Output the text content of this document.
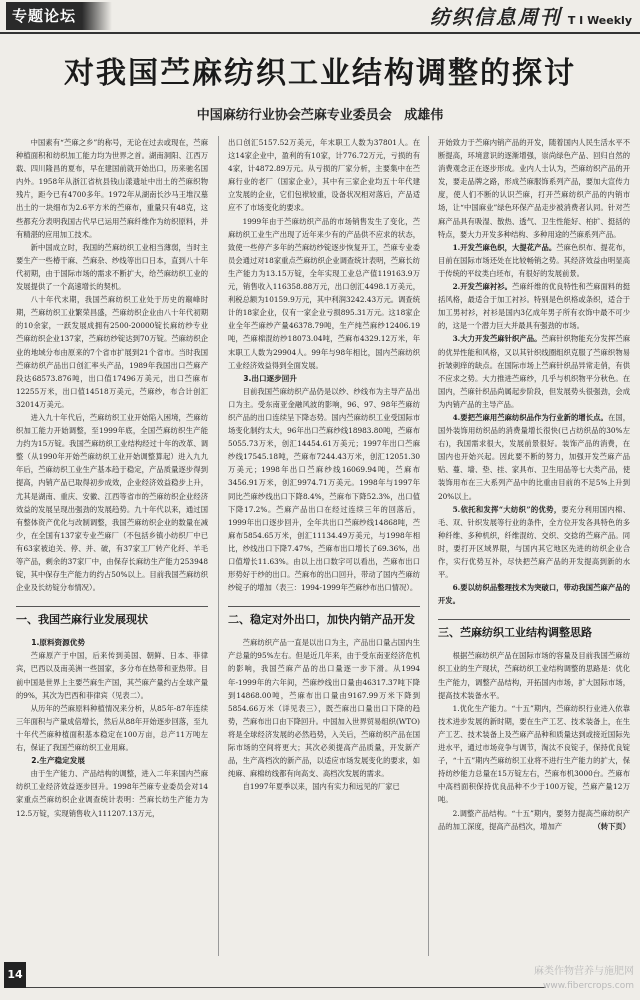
专题论坛	纺织信息周刊 T I Weekly
对我国苎麻纺织工业结构调整的探讨
中国麻纺行业协会苎麻专业委员会 成雄伟

中国素有“苎麻之乡”的称号，无论在过去或现在，苎麻种植面积和纺织加工能力均为世界之首。湖南洞阳、江西万载、四川隆昌的夏布，早在建国前就开始出口，历来驰名国内外。1958年从浙江省杭县钱山漾遗址中出土的苎麻织物残片，距今已有4700多年。1972年从湖南长沙马王堆汉墓出土的一块细布为2.6平方米的苎麻布，重量只有48克，这些都充分表明我国古代早已运用苎麻纤维作为纺织原料，并有精湛的应用加工技术。

新中国成立时，我国的苎麻纺织工业相当薄弱，当时主要生产一些椿干麻、苎麻杂、纱线等出口日本，直到八十年代初期，由于国际市场的需求不断扩大，给苎麻纺织工业的发展提供了一个高速增长的契机。

八十年代末期，我国苎麻纺织工业处于历史的巅峰时期，苎麻纺织工业繁荣昌盛，苎麻纺织企业由八十年代初期的10余家，一跃发展成拥有2500-20000锭长麻纺纱专业苎麻纺织企业137家，苎麻纺纱锭达到70万锭。苎麻纺织企业的地域分布由原来的7个省市扩展到21个省市。当时我国苎麻纺织产品出口创汇率头产品，1989年我国出口苎麻产段达68573.876吨，出口值17496万美元，出口苎麻布12255万米，出口值14518万美元，苎麻纱，布合计创汇32014万美元。

进入九十年代后，苎麻纺织工业开始陷入困境，苎麻纺织加工能力开始调整，至1999年底，全国苎麻纺织生产能力约为15万锭。我国苎麻纺织工业结构经过十年的改革、调整（从1990年开始苎麻纺织工业开始调整算起）进入九九年后，苎麻纺织工业生产基本趋于稳定，产品质量逐步得到提高，内销产品已取得初步成效，企业经济效益稳步上升，尤其是湖南、重庆、安徽、江西等省市的苎麻纺织企业经济效益的发展呈现出强劲的发展趋势。九十年代以来，通过国有整体资产优化与改制调整，我国苎麻纺织企业的数量在减少，在全国有137家专业苎麻厂（不包括乡镇小纺织厂中已有63家被迫关、停、并、破，有37家工厂转产化纤、羊毛等产品，剩余的37家厂中，由保存长麻纺生产能力253948锭，其中保存生产能力的约占50%以上。目前我国苎麻纺织企业及长纺锭分布情况）。

一、我国苎麻行业发展现状
1.原料资源优势

苎麻原产于中国，后来传到美国、朝鲜、日本、菲律宾，巴西以及南美洲一些国家，多分布在热带和亚热带。目前中国是世界上主要苎麻生产国，其苎麻产量约占全球产量的9%，其次为巴西和菲律宾（见表二）。

从历年的苎麻原料种植情况来分析，从85年-87年连续三年面积与产量成倍增长，然后从88年开始逐步回落，至九十年代苎麻种植面积基本稳定在100万亩，总产11万吨左右，保证了我国苎麻纺织工业用麻。

2.生产稳定发展

由于生产能力、产品结构的调整，进入二年来国内苎麻纺织工业经济效益逐步回升。1998年苎麻专业委员会对14家重点苎麻纺织企业调查统计表明：苎麻长纺生产能力为12.5万锭，实现销售收入111207.13万元，

出口创汇5157.52万美元，年末职工人数为37801人。在这14家企业中，盈利的有10家，计776.72万元，亏损的有4家，计4872.89万元。从亏损的厂家分析，主要集中在苎麻行业的老厂（国家企业），其中有三家企业均五十年代建立发展的企业，它们包袱较重，设备状况相对落后，产品适应不了市场变化的要求。

1999年由于苎麻纺织产品的市场销售发生了变化，苎麻纺织工业生产出现了近年来少有的产品供不应求的状态，致使一些停产多年的苎麻纺纱锭逐步恢复开工，苎麻专业委员会通过对18家重点苎麻纺织企业调查统计表明，苎麻长纺生产能力为13.15万锭，全年实现工业总产值119163.9万元，销售收入116358.88万元，出口创汇4498.1万美元，利税总额为10159.9万元，其中利润3242.43万元。调查统计的18家企业，仅有一家企业亏损895.31万元。这18家企业全年苎麻纱产量46378.79吨，生产纯苎麻纱12406.19吨，苎麻棉混纺纱18073.04吨，苎麻布4329.12万米，年末职工人数为29904人。99年与98年相比，国内苎麻纺织工业经济效益得到全面发展。

3.出口逐步回升

目前我国苎麻纺织产品仍是以纱、纱线布为主导产品出口为主。受东南亚金融风波的影响，96、97、98年苎麻纺织产品的出口连续呈下降态势。国内苎麻纺织工业受国际市场变化制约太大，96年出口苎麻纱线18983.80吨，苎麻布5055.73万米，创汇14454.61万美元；1997年出口苎麻纱线17545.18吨，苎麻布7244.43万米，创汇12051.30万美元；1998年出口苎麻纱线16069.94吨，苎麻布3456.91万米，创汇9974.71万美元。1998年与1997年同比苎麻纱线出口下降8.4%，苎麻布下降52.3%，出口值下降17.2%。苎麻产品出口在经过连续三年的回落后，1999年出口逐步回升，全年共出口苎麻纱线14868吨，苎麻布5854.65万米，创汇11134.49万美元，与1998年相比，纱线出口下降7.47%，苎麻布出口增长了69.36%，出口值增长11.63%。由以上出口数字可以看出，苎麻布出口形势好于纱的出口。苎麻布的出口回升，带动了国内苎麻纺纱锭子的增加（表三：1994-1999年苎麻纱布出口情况）。

二、稳定对外出口，加快内销产品开发

苎麻纺织产品一直是以出口为主，产品出口量占国内生产总量的95%左右。但是近几年来，由于受东南亚经济危机的影响，我国苎麻产品的出口量逐一步下滑。从1994年-1999年的六年间，苎麻纱线出口量由46317.37吨下降到14868.00吨，苎麻布出口量由9167.99万米下降到5854.66万米（详见表三），既苎麻出口量出口下降的趋势，苎麻布出口由下降回升。中国加入世界贸易组织(WTO)将是全球经济发展的必然趋势，入关后，苎麻纺织产品在国际市场的空间将更大；其次必须提高产品质量，开发新产品，生产高档次的新产品，以适应市场发展变化的要求，如纯麻、麻棉纺线都有向高支、高档次发展的需求。

自1997年夏季以来，国内有实力和远见的厂家已

开始致力于苎麻内销产品的开发，随着国内人民生活水平不断提高，环境意识的逐渐增强，崇尚绿色产品、回归自然的消费观念正在逐步形成。业内人士认为，苎麻纺织产品的开发，要走品牌之路，形成苎麻服饰系列产品，要加大宣传力度，使人们不断的认识苎麻，打开苎麻纺织产品的内销市场，让“中国麻业”绿色环保产品走步被消费者认同。针对苎麻产品具有吸湿、散热、透气、卫生性能好、柏扩、挺括的特点，要大力开发多种结构、多种用途的苎麻系列产品。

1.开发苎麻色织，大提花产品。苎麻色织布、提花布，目前在国际市场还处在比较畅销之势。其经济效益由明显高于传统的平纹类白坯布，有很好的发展前景。

2.开发苎麻衬衫。苎麻纤维的优良特性和苎麻面料的挺括风格，最适合于加工衬衫。特别是色织格或条织，适合于加工男衬衫，衬衫是国内3亿成年男子所有衣饰中最不可少的，这是一个潜力巨大并最具有强劲的市场。

3.大力开发苎麻针织产品。苎麻针织物能充分发挥苎麻的优异性能和风格，又以其针织线圈组织克服了苎麻织物易折皱刺痒的缺点。在国际市场上苎麻针织品异常走俏，有供不应求之势。大力推进苎麻纱，几乎与机织物平分秋色。在国内，苎麻针织品尚属起步阶段，但发展势头很强劲，会成为内销产品的主导产品。

4.要把苎麻用苎麻纺织品作为行业新的增长点。在国，国外装饰用纺织品的消费量增长很快(已占纺织品的30%左右)，我国需求很大，发展前景很好。装饰产品的消费，在国内也开始兴起。因此要不断的努力，加强开发苎麻产品贴、蔓、墙、垫、挂、家具布、卫生用品等七大类产品，使装饰用布在三大系列产品中的比重由目前的不足5%上升到20%以上。

5.依托和发挥“大纺织”的优势，要充分利用国内棉、毛、双、针织发展等行业的条件，全方位开发各具特色的多种纤维、多种机织，纤维混纺、交织、交捻的苎麻产品。同时，要打开区域界限，与国内其它地区先进的纺织企业合作，实行优势互补，尽快把苎麻产品的开发提高到新的水平。

6.要以纺织品整理技术为突破口，带动我国苎麻产品的开发。

三、苎麻纺织工业结构调整思路

根据苎麻纺织产品在国际市场的容量及目前我国苎麻纺织工业的生产现状，苎麻纺织工业结构调整的思路是：优化生产能力，调整产品结构，开拓国内市场，扩大国际市场，提高技术装备水平。

1.优化生产能力。“十五”期内，苎麻纺织行业进入依靠技术进步发展的新时期，要在生产工艺、技术装备上，在生产工艺、技术装备上及苎麻产品种和质量达到或接近国际先进水平，通过市场竞争与调节，淘汰不良锭子，保持优良锭子，“十五”期内苎麻纺织工业将不进行生产能力的扩大，保持纺纱能力总量在15万锭左右，苎麻布机3000台。苎麻布中高档面积保持优良品种不少于100万锭，苎麻产量12万吨。

2.调整产品结构。“十五”期内，要努力提高苎麻纺织产品的加工深度，提高产品档次，增加产	（转下页）

14	麻类作物营养与施肥网
www.fibercrops.com
